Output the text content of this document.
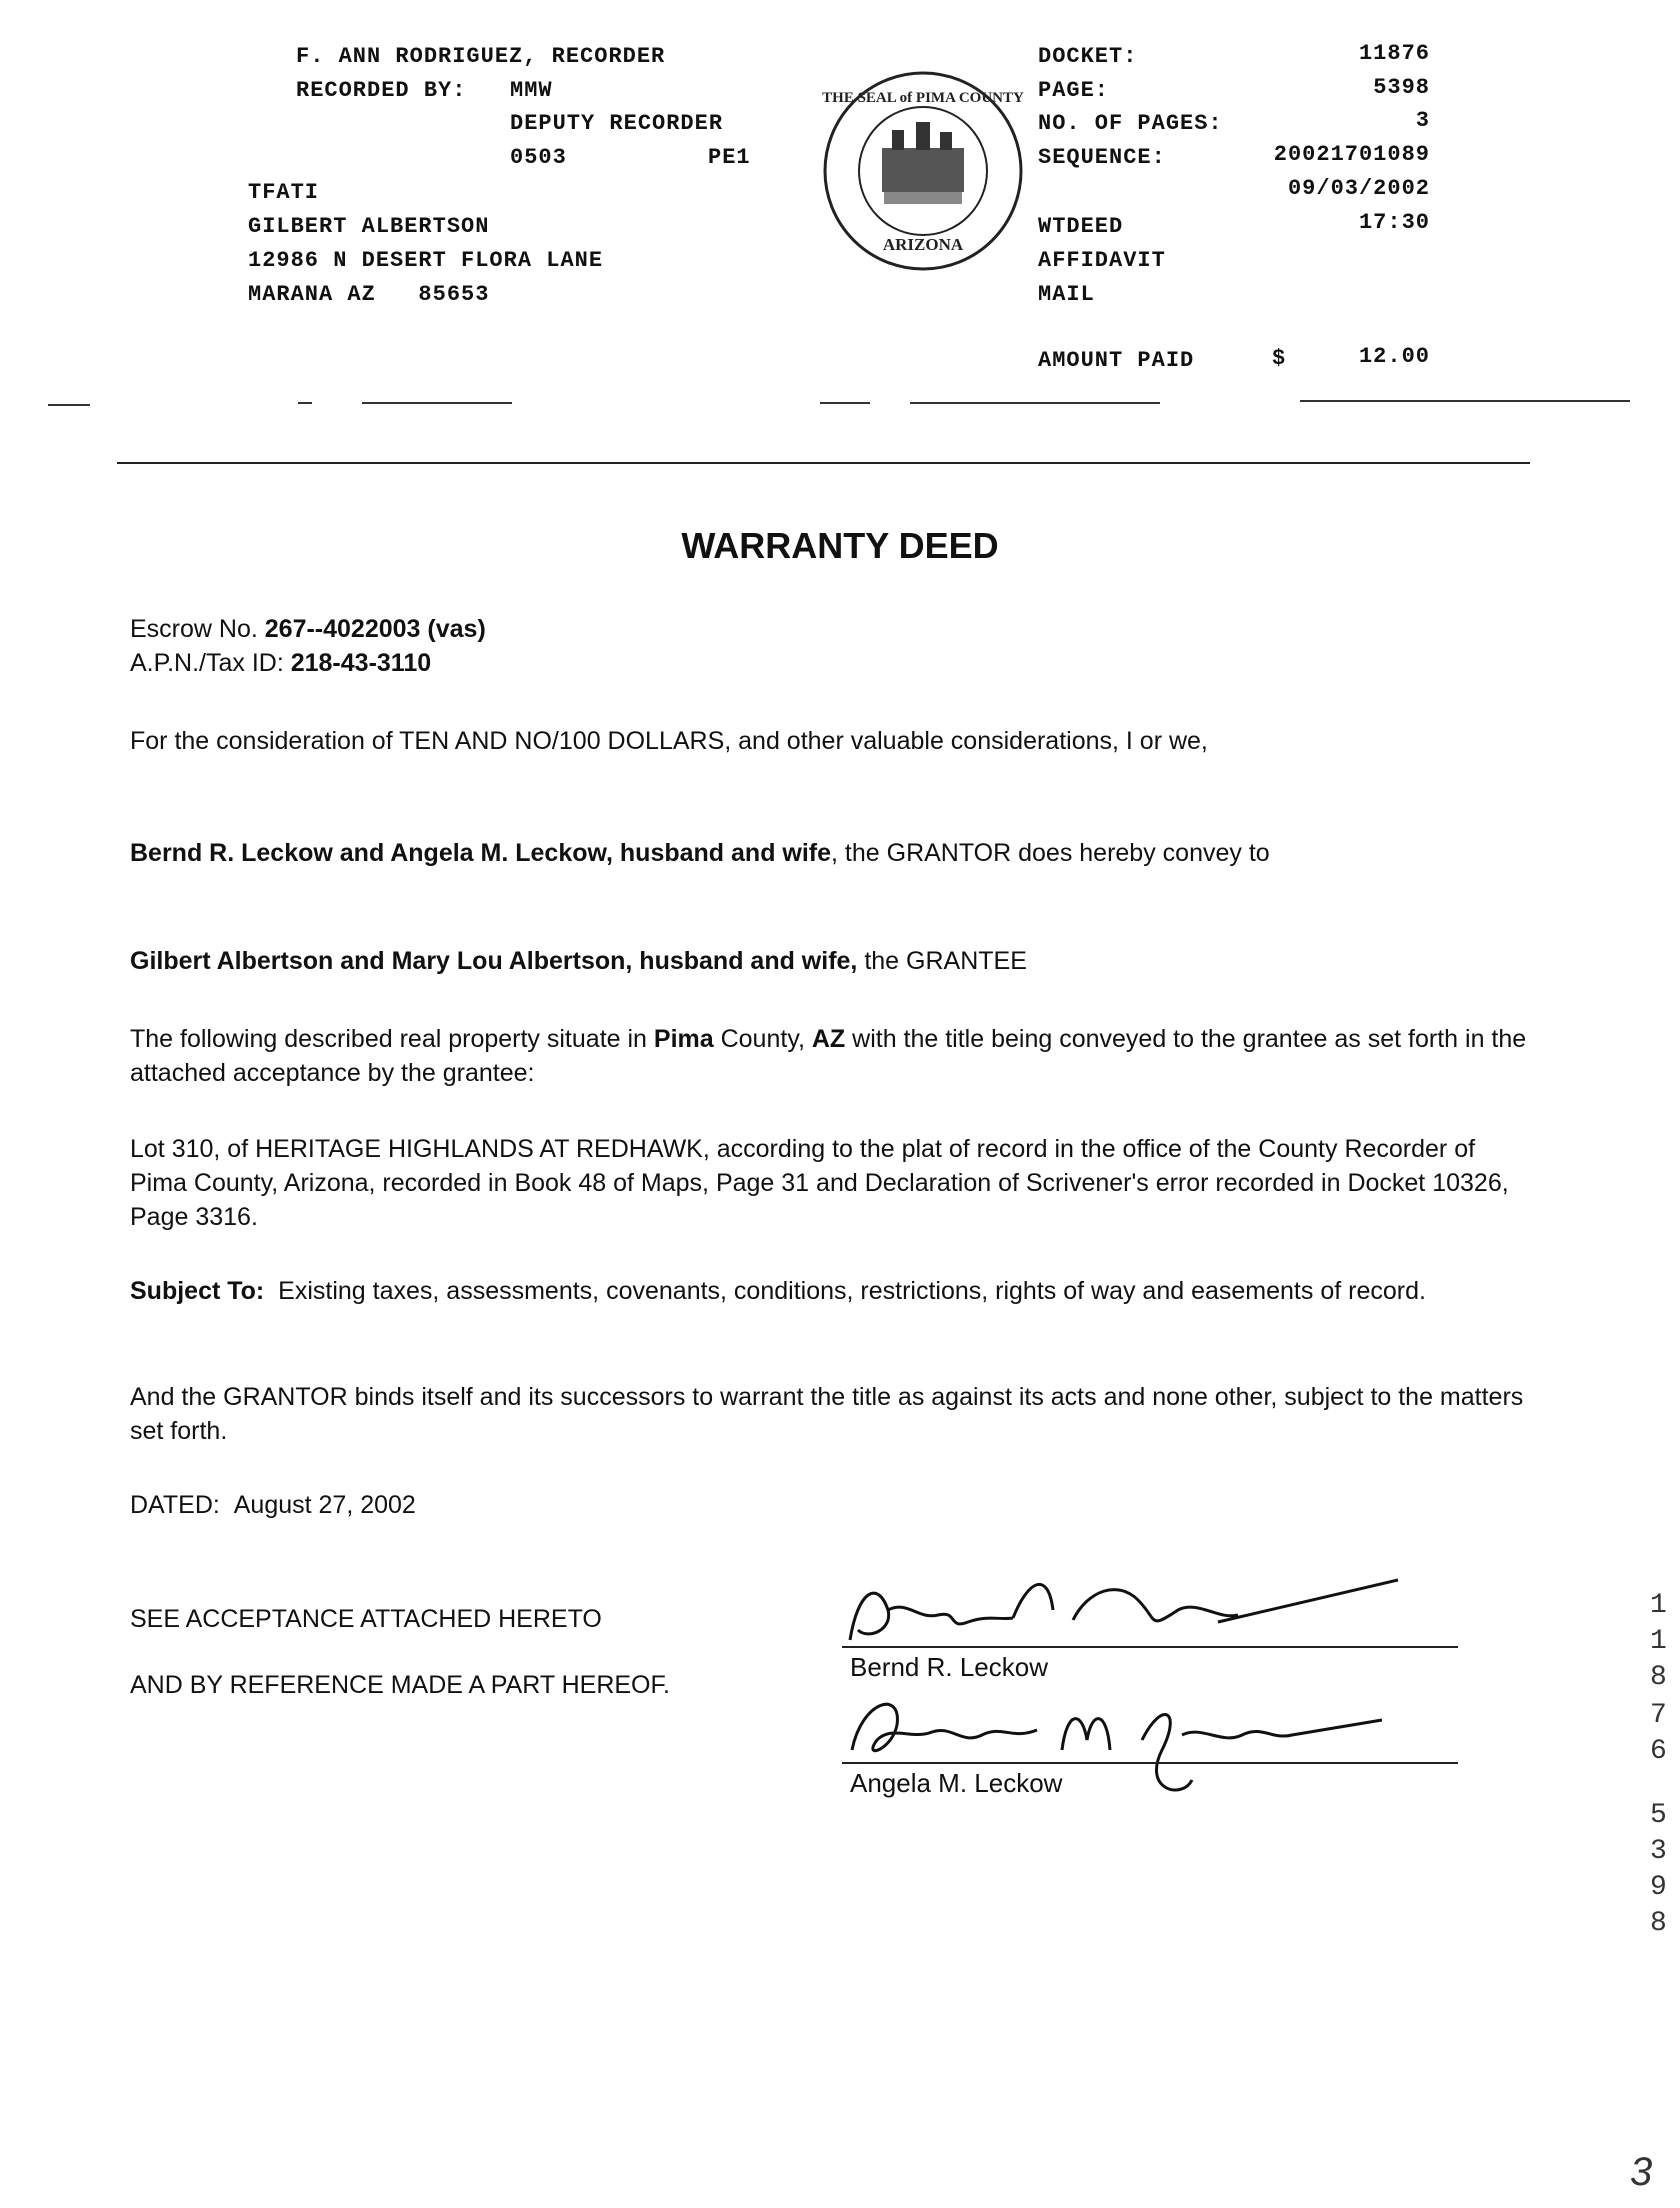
F. ANN RODRIGUEZ, RECORDER
RECORDED BY: MMW
DEPUTY RECORDER
0503	PE1
TFATI
GILBERT ALBERTSON
12986 N DESERT FLORA LANE
MARANA AZ   85653
THE SEAL of PIMA COUNTY
ARIZONA
DOCKET:	11876
PAGE:	5398
NO. OF PAGES:	3
SEQUENCE:	20021701089
09/03/2002
WTDEED	17:30
AFFIDAVIT
MAIL
AMOUNT PAID	$	12.00
WARRANTY DEED
Escrow No. 267--4022003 (vas)
A.P.N./Tax ID: 218-43-3110
For the consideration of TEN AND NO/100 DOLLARS, and other valuable considerations, I or we,
Bernd R. Leckow and Angela M. Leckow, husband and wife, the GRANTOR does hereby convey to
Gilbert Albertson and Mary Lou Albertson, husband and wife, the GRANTEE
The following described real property situate in Pima County, AZ with the title being conveyed to the grantee as set forth in the attached acceptance by the grantee:
Lot 310, of HERITAGE HIGHLANDS AT REDHAWK, according to the plat of record in the office of the County Recorder of Pima County, Arizona, recorded in Book 48 of Maps, Page 31 and Declaration of Scrivener's error recorded in Docket 10326, Page 3316.
Subject To: Existing taxes, assessments, covenants, conditions, restrictions, rights of way and easements of record.
And the GRANTOR binds itself and its successors to warrant the title as against its acts and none other, subject to the matters set forth.
DATED: August 27, 2002
SEE ACCEPTANCE ATTACHED HERETO
AND BY REFERENCE MADE A PART HEREOF.
Bernd R. Leckow
Angela M. Leckow
1
1
8
7
6
5
3
9
8
3
